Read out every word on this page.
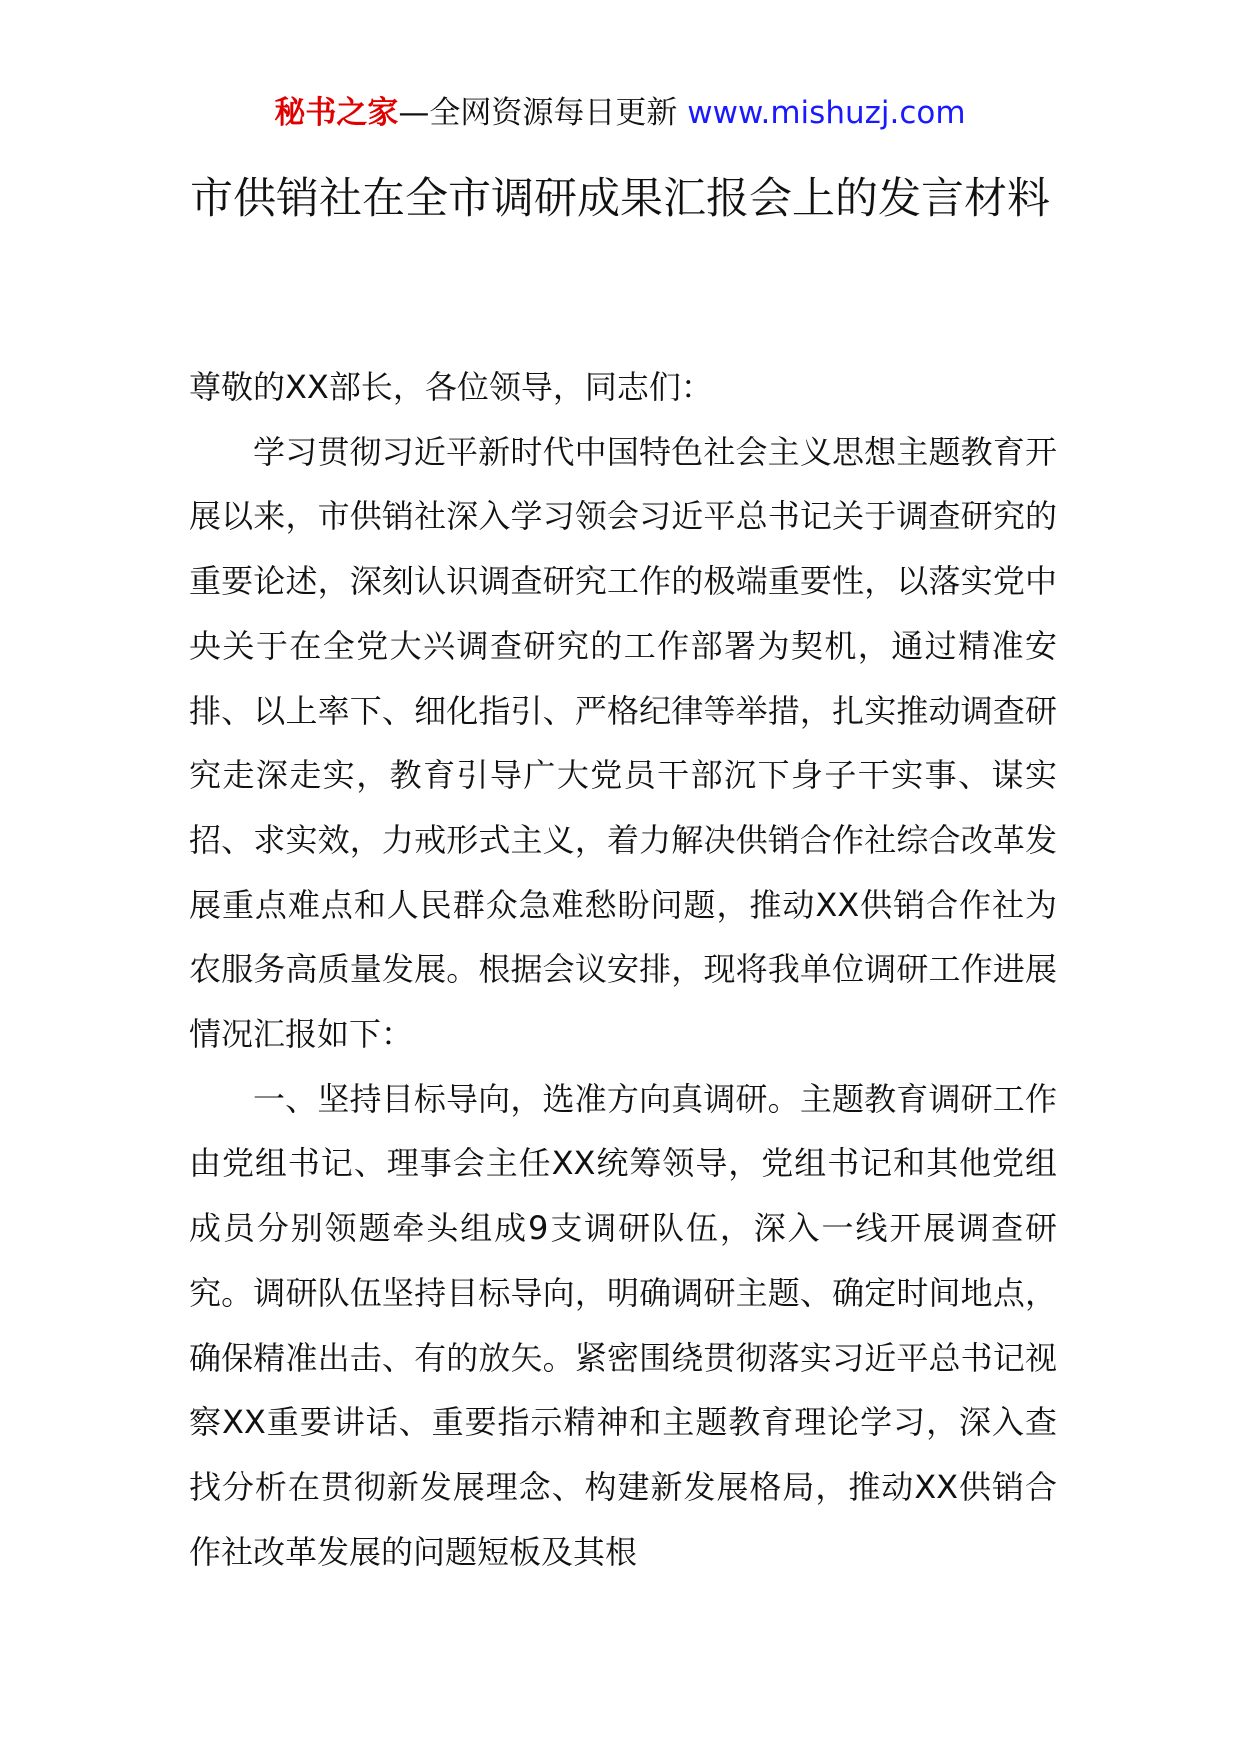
秘书之家—全网资源每日更新 www.mishuzj.com
市供销社在全市调研成果汇报会上的发言材料

尊敬的XX部长，各位领导，同志们：

学习贯彻习近平新时代中国特色社会主义思想主题教育开展以来，市供销社深入学习领会习近平总书记关于调查研究的重要论述，深刻认识调查研究工作的极端重要性，以落实党中央关于在全党大兴调查研究的工作部署为契机，通过精准安排、以上率下、细化指引、严格纪律等举措，扎实推动调查研究走深走实，教育引导广大党员干部沉下身子干实事、谋实招、求实效，力戒形式主义，着力解决供销合作社综合改革发展重点难点和人民群众急难愁盼问题，推动XX供销合作社为农服务高质量发展。根据会议安排，现将我单位调研工作进展情况汇报如下：

一、坚持目标导向，选准方向真调研。主题教育调研工作由党组书记、理事会主任XX统筹领导，党组书记和其他党组成员分别领题牵头组成9支调研队伍，深入一线开展调查研究。调研队伍坚持目标导向，明确调研主题、确定时间地点，确保精准出击、有的放矢。紧密围绕贯彻落实习近平总书记视察XX重要讲话、重要指示精神和主题教育理论学习，深入查找分析在贯彻新发展理念、构建新发展格局，推动XX供销合作社改革发展的问题短板及其根
